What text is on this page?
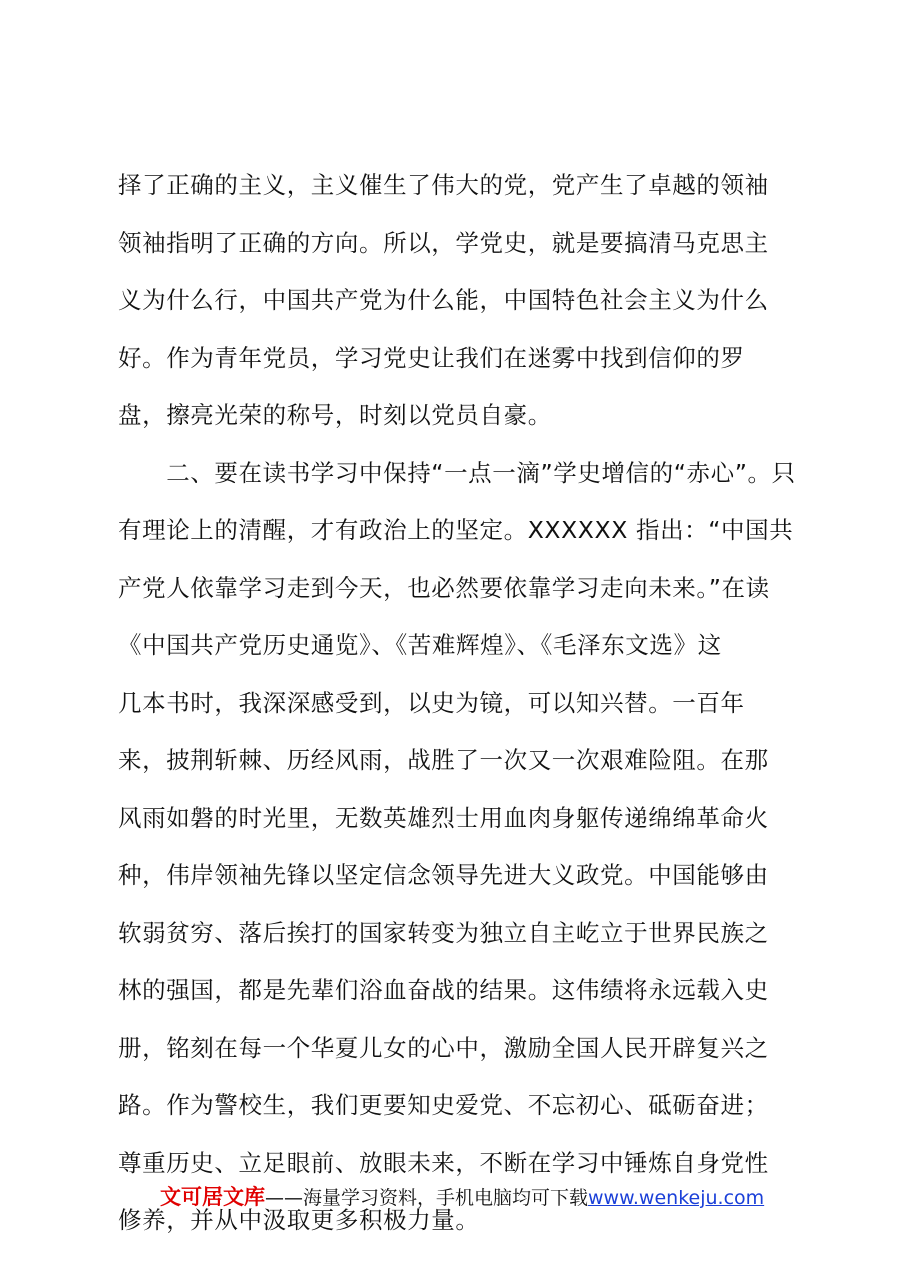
择了正确的主义，主义催生了伟大的党，党产生了卓越的领袖
领袖指明了正确的方向。所以，学党史，就是要搞清马克思主
义为什么行，中国共产党为什么能，中国特色社会主义为什么
好。作为青年党员，学习党史让我们在迷雾中找到信仰的罗
盘，擦亮光荣的称号，时刻以党员自豪。
　　二、要在读书学习中保持“一点一滴”学史增信的“赤心”。只
有理论上的清醒，才有政治上的坚定。XXXXXX 指出：“中国共
产党人依靠学习走到今天，也必然要依靠学习走向未来。”在读
《中国共产党历史通览》、《苦难辉煌》、《毛泽东文选》这
几本书时，我深深感受到，以史为镜，可以知兴替。一百年
来，披荆斩棘、历经风雨，战胜了一次又一次艰难险阻。在那
风雨如磐的时光里，无数英雄烈士用血肉身躯传递绵绵革命火
种，伟岸领袖先锋以坚定信念领导先进大义政党。中国能够由
软弱贫穷、落后挨打的国家转变为独立自主屹立于世界民族之
林的强国，都是先辈们浴血奋战的结果。这伟绩将永远载入史
册，铭刻在每一个华夏儿女的心中，激励全国人民开辟复兴之
路。作为警校生，我们更要知史爱党、不忘初心、砥砺奋进；
尊重历史、立足眼前、放眼未来，不断在学习中锤炼自身党性
修养，并从中汲取更多积极力量。
文可居文库——海量学习资料，手机电脑均可下载www.wenkeju.com
